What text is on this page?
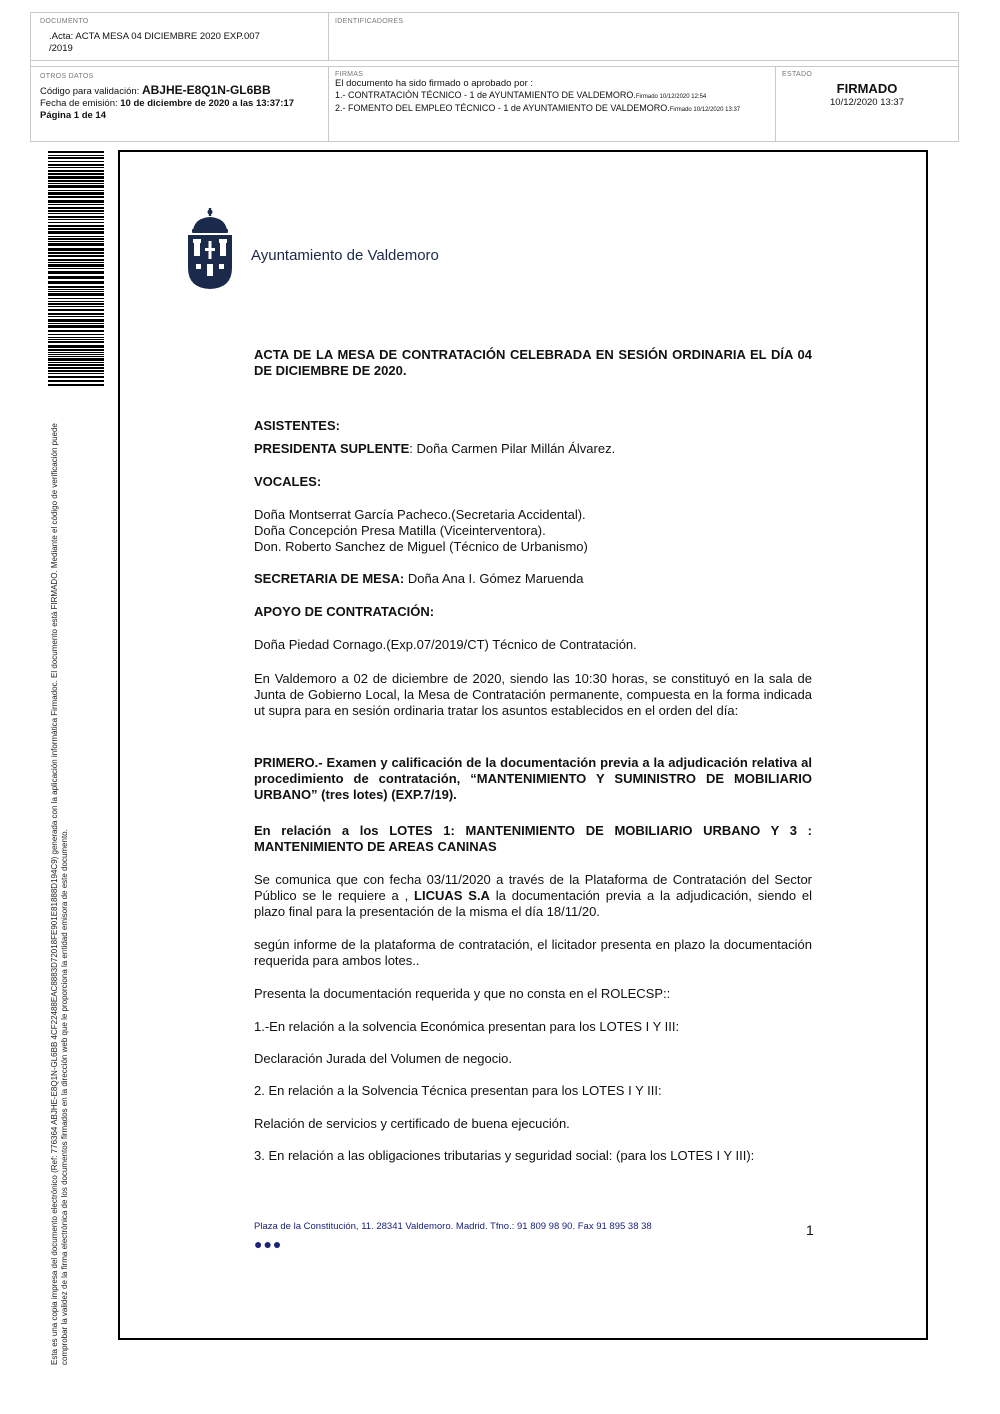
DOCUMENTO
.Acta: ACTA MESA 04 DICIEMBRE 2020 EXP.007 /2019
IDENTIFICADORES
OTROS DATOS
Código para validación: ABJHE-E8Q1N-GL6BB
Fecha de emisión: 10 de diciembre de 2020 a las 13:37:17
Página 1 de 14
FIRMAS
El documento ha sido firmado o aprobado por :
1.- CONTRATACIÓN TÉCNICO - 1 de AYUNTAMIENTO DE VALDEMORO.Firmado 10/12/2020 12:54
2.- FOMENTO DEL EMPLEO TÉCNICO - 1 de AYUNTAMIENTO DE VALDEMORO.Firmado 10/12/2020 13:37
ESTADO
FIRMADO
10/12/2020 13:37
Esta es una copia impresa del documento electrónico (Ref: 776364 ABJHE-E8Q1N-GL6BB 4CF22488EAC8883D72018FE901E81888D194C9) generada con la aplicación informática Firmadoc. El documento está FIRMADO. Mediante el código de verificación puede comprobar la validez de la firma electrónica de los documentos firmados en la dirección web que le proporciona la entidad emisora de este documento.
Ayuntamiento de Valdemoro
ACTA DE LA MESA DE CONTRATACIÓN CELEBRADA EN SESIÓN ORDINARIA EL DÍA 04 DE DICIEMBRE DE 2020.
ASISTENTES:
PRESIDENTA SUPLENTE: Doña Carmen Pilar Millán Álvarez.
VOCALES:
Doña Montserrat García Pacheco.(Secretaria Accidental).
Doña Concepción Presa Matilla (Viceinterventora).
Don. Roberto Sanchez de Miguel (Técnico de Urbanismo)
SECRETARIA DE MESA: Doña Ana I. Gómez Maruenda
APOYO DE CONTRATACIÓN:
Doña Piedad Cornago.(Exp.07/2019/CT) Técnico de Contratación.
En Valdemoro a 02 de diciembre de 2020, siendo las 10:30 horas, se constituyó en la sala de Junta de Gobierno Local, la Mesa de Contratación permanente, compuesta en la forma indicada ut supra para en sesión ordinaria tratar los asuntos establecidos en el orden del día:
PRIMERO.- Examen y calificación de la documentación previa a la adjudicación relativa al procedimiento de contratación, “MANTENIMIENTO Y SUMINISTRO DE MOBILIARIO URBANO” (tres lotes) (EXP.7/19).
En relación a los LOTES 1: MANTENIMIENTO DE MOBILIARIO URBANO Y 3 : MANTENIMIENTO DE AREAS CANINAS
Se comunica que con fecha 03/11/2020 a través de la Plataforma de Contratación del Sector Público se le requiere a , LICUAS S.A la documentación previa a la adjudicación, siendo el plazo final para la presentación de la misma el día 18/11/20.
según informe de la plataforma de contratación, el licitador presenta en plazo la documentación requerida para ambos lotes..
Presenta la documentación requerida y que no consta en el ROLECSP::
1.-En relación a la solvencia Económica presentan para los LOTES I Y III:
Declaración Jurada del Volumen de negocio.
2. En relación a la Solvencia Técnica presentan para los LOTES I Y III:
Relación de servicios y certificado de buena ejecución.
3. En relación a las obligaciones tributarias y seguridad social: (para los LOTES I Y III):
Plaza de la Constitución, 11. 28341 Valdemoro. Madrid. Tfno.: 91 809 98 90. Fax 91 895 38 38
●●●
1
